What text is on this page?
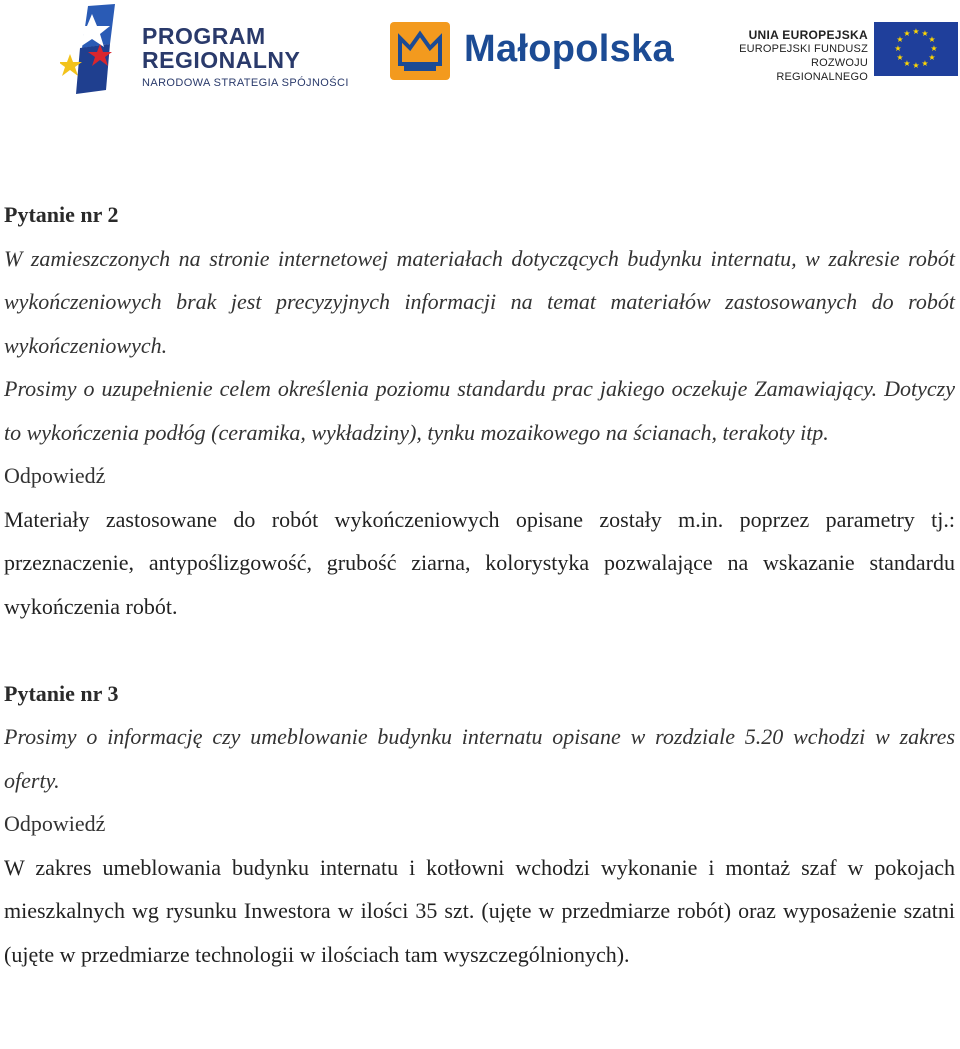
PROGRAM
REGIONALNY
NARODOWA STRATEGIA SPÓJNOŚCI
Małopolska	UNIA EUROPEJSKA
EUROPEJSKI FUNDUSZ
ROZWOJU REGIONALNEGO
★ ★
★
★
★
★
★
★
★
★
★
★

Pytanie nr 2

W zamieszczonych na stronie internetowej materiałach dotyczących budynku internatu, w zakresie robót wykończeniowych brak jest precyzyjnych informacji na temat materiałów zastosowanych do robót wykończeniowych.

Prosimy o uzupełnienie celem określenia poziomu standardu prac jakiego oczekuje Zamawiający. Dotyczy to wykończenia podłóg (ceramika, wykładziny), tynku mozaikowego na ścianach, terakoty itp.

Odpowiedź

Materiały zastosowane do robót wykończeniowych opisane zostały m.in. poprzez parametry tj.: przeznaczenie, antypoślizgowość, grubość ziarna, kolorystyka pozwalające na wskazanie standardu wykończenia robót.

Pytanie nr 3

Prosimy o informację czy umeblowanie budynku internatu opisane w rozdziale 5.20 wchodzi w zakres oferty.

Odpowiedź

W zakres umeblowania budynku internatu i kotłowni wchodzi wykonanie i montaż szaf w pokojach mieszkalnych wg rysunku Inwestora w ilości 35 szt. (ujęte w przedmiarze robót) oraz wyposażenie szatni (ujęte w przedmiarze technologii w ilościach tam wyszczególnionych).
